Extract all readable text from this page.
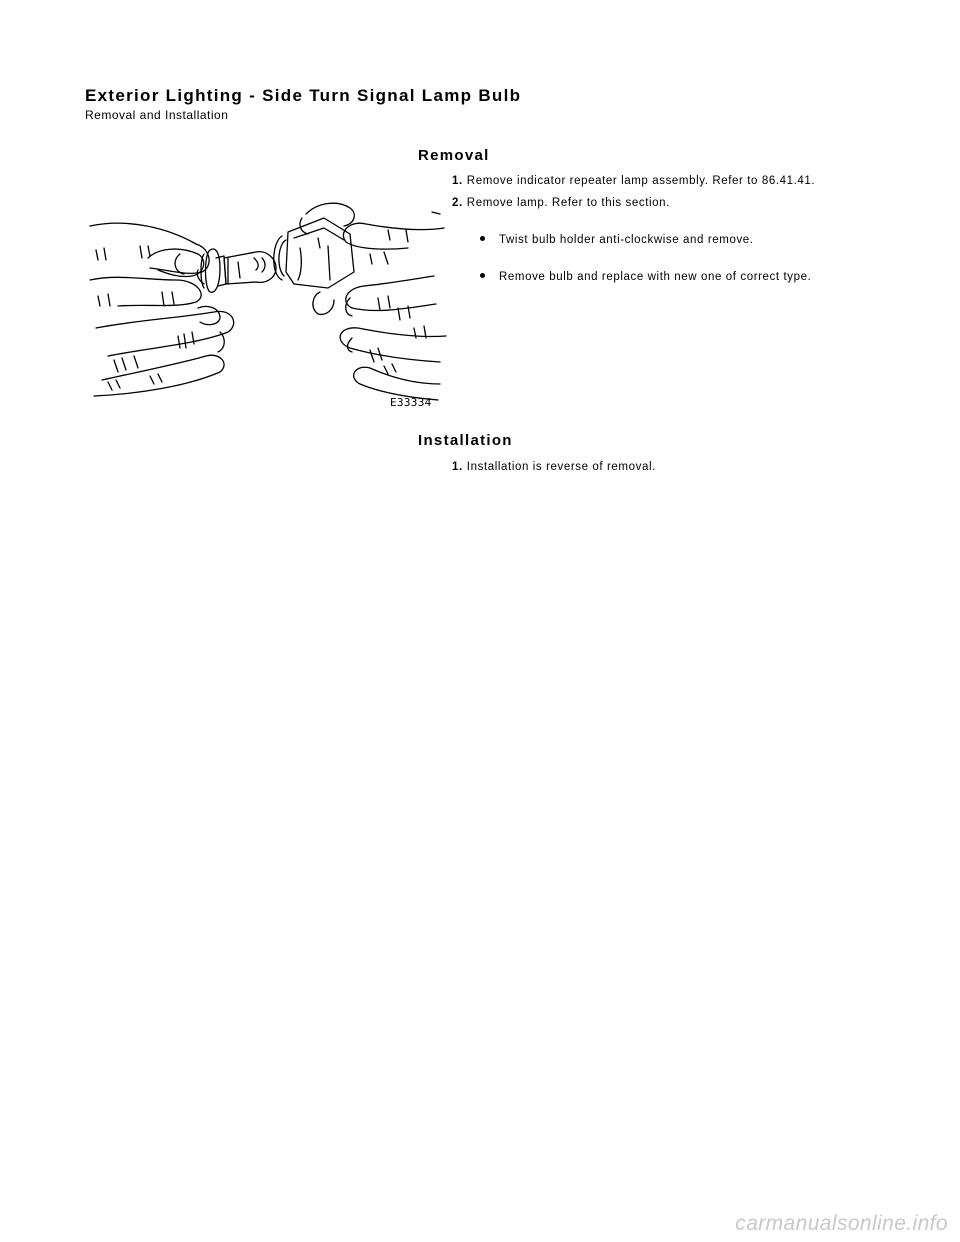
Exterior Lighting - Side Turn Signal Lamp Bulb
Removal and Installation
Removal
1. Remove indicator repeater lamp assembly. Refer to 86.41.41.
2. Remove lamp. Refer to this section.
Twist bulb holder anti-clockwise and remove.
Remove bulb and replace with new one of correct type.
E33334
Installation
1. Installation is reverse of removal.
carmanualsonline.info
